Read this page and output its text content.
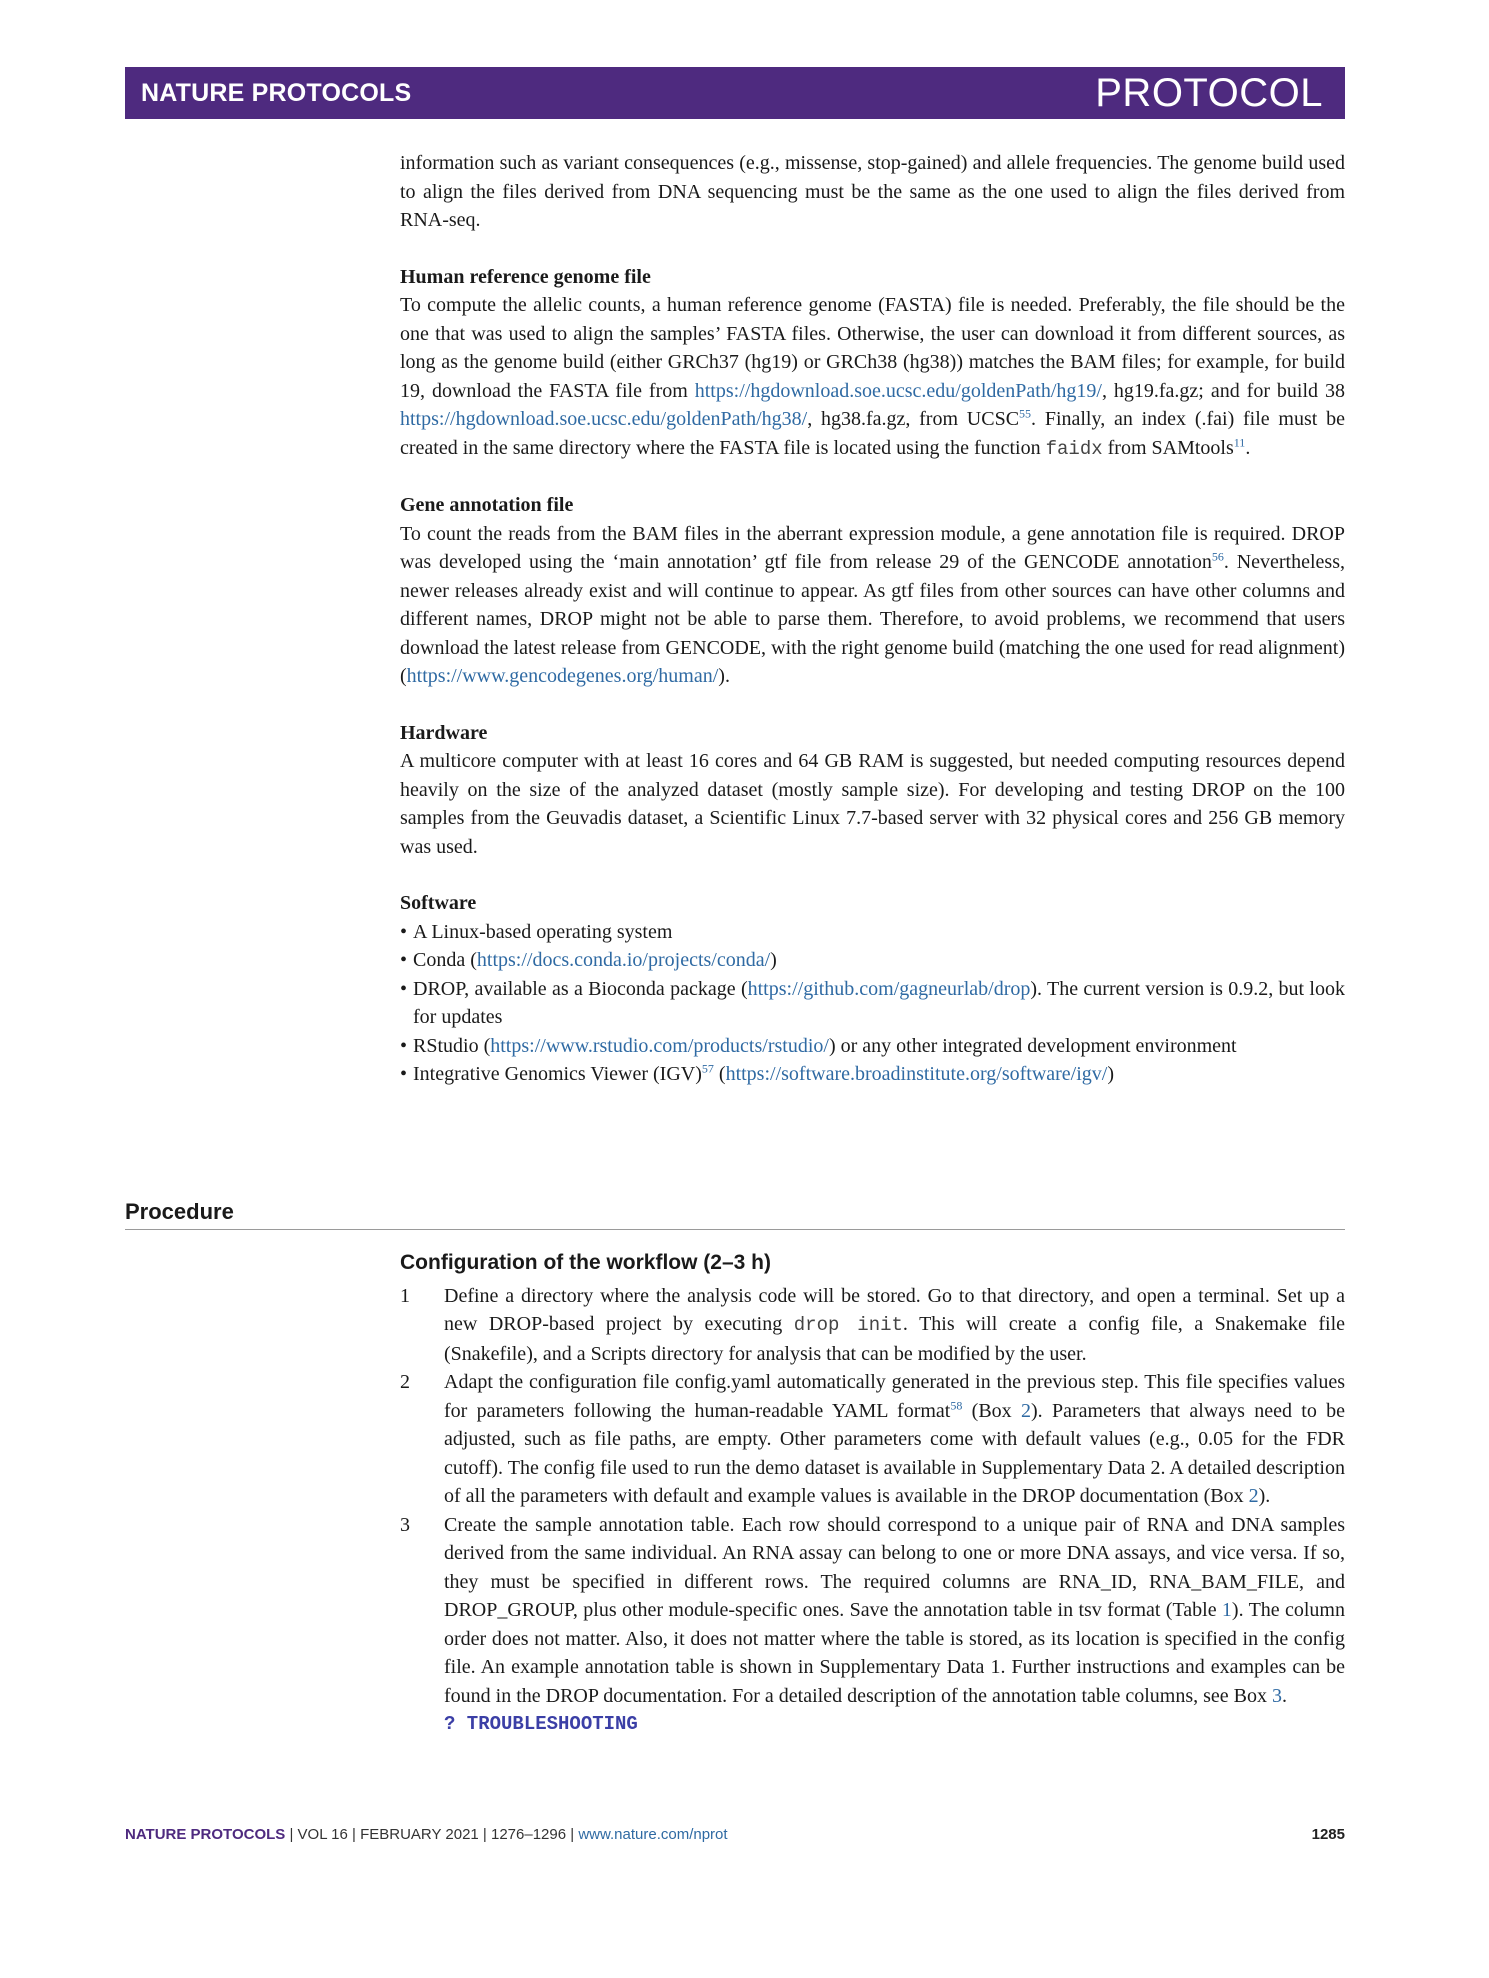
NATURE PROTOCOLS	PROTOCOL

information such as variant consequences (e.g., missense, stop-gained) and allele frequencies. The genome build used to align the files derived from DNA sequencing must be the same as the one used to align the files derived from RNA-seq.

Human reference genome file

To compute the allelic counts, a human reference genome (FASTA) file is needed. Preferably, the file should be the one that was used to align the samples’ FASTA files. Otherwise, the user can download it from different sources, as long as the genome build (either GRCh37 (hg19) or GRCh38 (hg38)) matches the BAM files; for example, for build 19, download the FASTA file from https://hgdownload.soe.ucsc.edu/goldenPath/hg19/, hg19.fa.gz; and for build 38 https://hgdownload.soe.ucsc.edu/goldenPath/hg38/, hg38.fa.gz, from UCSC$^{55}$. Finally, an index (.fai) file must be created in the same directory where the FASTA file is located using the function faidx from SAMtools$^{11}$.

Gene annotation file

To count the reads from the BAM files in the aberrant expression module, a gene annotation file is required. DROP was developed using the ‘main annotation’ gtf file from release 29 of the GENCODE annotation$^{56}$. Nevertheless, newer releases already exist and will continue to appear. As gtf files from other sources can have other columns and different names, DROP might not be able to parse them. Therefore, to avoid problems, we recommend that users download the latest release from GENCODE, with the right genome build (matching the one used for read alignment) (https://www.gencodegenes.org/human/).

Hardware

A multicore computer with at least 16 cores and 64 GB RAM is suggested, but needed computing resources depend heavily on the size of the analyzed dataset (mostly sample size). For developing and testing DROP on the 100 samples from the Geuvadis dataset, a Scientific Linux 7.7-based server with 32 physical cores and 256 GB memory was used.

Software
• A Linux-based operating system
• Conda (https://docs.conda.io/projects/conda/)
• DROP, available as a Bioconda package (https://github.com/gagneurlab/drop). The current version is 0.9.2, but look for updates
• RStudio (https://www.rstudio.com/products/rstudio/) or any other integrated development environment
• Integrative Genomics Viewer (IGV)$^{57}$ (https://software.broadinstitute.org/software/igv/)
Procedure
Configuration of the workflow (2–3 h)
1	Define a directory where the analysis code will be stored. Go to that directory, and open a terminal. Set up a new DROP-based project by executing drop init. This will create a config file, a Snakemake file (Snakefile), and a Scripts directory for analysis that can be modified by the user.
2	Adapt the configuration file config.yaml automatically generated in the previous step. This file specifies values for parameters following the human-readable YAML format$^{58}$ (Box 2). Parameters that always need to be adjusted, such as file paths, are empty. Other parameters come with default values (e.g., 0.05 for the FDR cutoff). The config file used to run the demo dataset is available in Supplementary Data 2. A detailed description of all the parameters with default and example values is available in the DROP documentation (Box 2).
3	Create the sample annotation table. Each row should correspond to a unique pair of RNA and DNA samples derived from the same individual. An RNA assay can belong to one or more DNA assays, and vice versa. If so, they must be specified in different rows. The required columns are RNA_ID, RNA_BAM_FILE, and DROP_GROUP, plus other module-specific ones. Save the annotation table in tsv format (Table 1). The column order does not matter. Also, it does not matter where the table is stored, as its location is specified in the config file. An example annotation table is shown in Supplementary Data 1. Further instructions and examples can be found in the DROP documentation. For a detailed description of the annotation table columns, see Box 3.
? TROUBLESHOOTING
NATURE PROTOCOLS | VOL 16 | FEBRUARY 2021 | 1276–1296 | www.nature.com/nprot	1285
